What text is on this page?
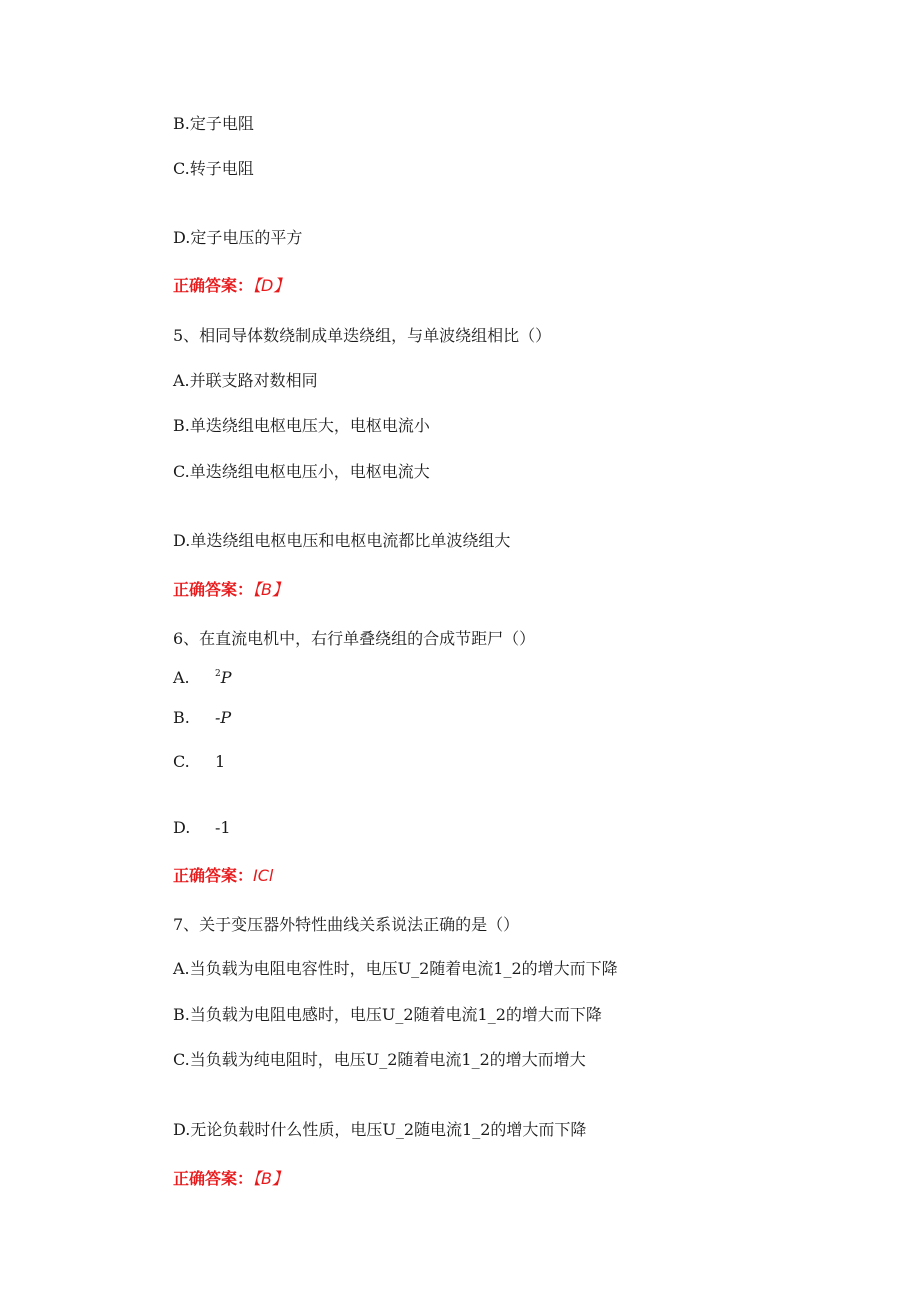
B.定子电阻
C.转子电阻
D.定子电压的平方
正确答案：【D】
5、相同导体数绕制成单迭绕组，与单波绕组相比（）
A.并联支路对数相同
B.单迭绕组电枢电压大，电枢电流小
C.单迭绕组电枢电压小，电枢电流大
D.单迭绕组电枢电压和电枢电流都比单波绕组大
正确答案：【B】
6、在直流电机中，右行单叠绕组的合成节距尸（）
A.	$^2$P
B. -P
C. 1
D. -1
正确答案：ICl
7、关于变压器外特性曲线关系说法正确的是（）
A.当负载为电阻电容性时，电压U_2随着电流1_2的增大而下降
B.当负载为电阻电感时，电压U_2随着电流1_2的增大而下降
C.当负载为纯电阻时，电压U_2随着电流1_2的增大而增大
D.无论负载时什么性质，电压U_2随电流1_2的增大而下降
正确答案：【B】
